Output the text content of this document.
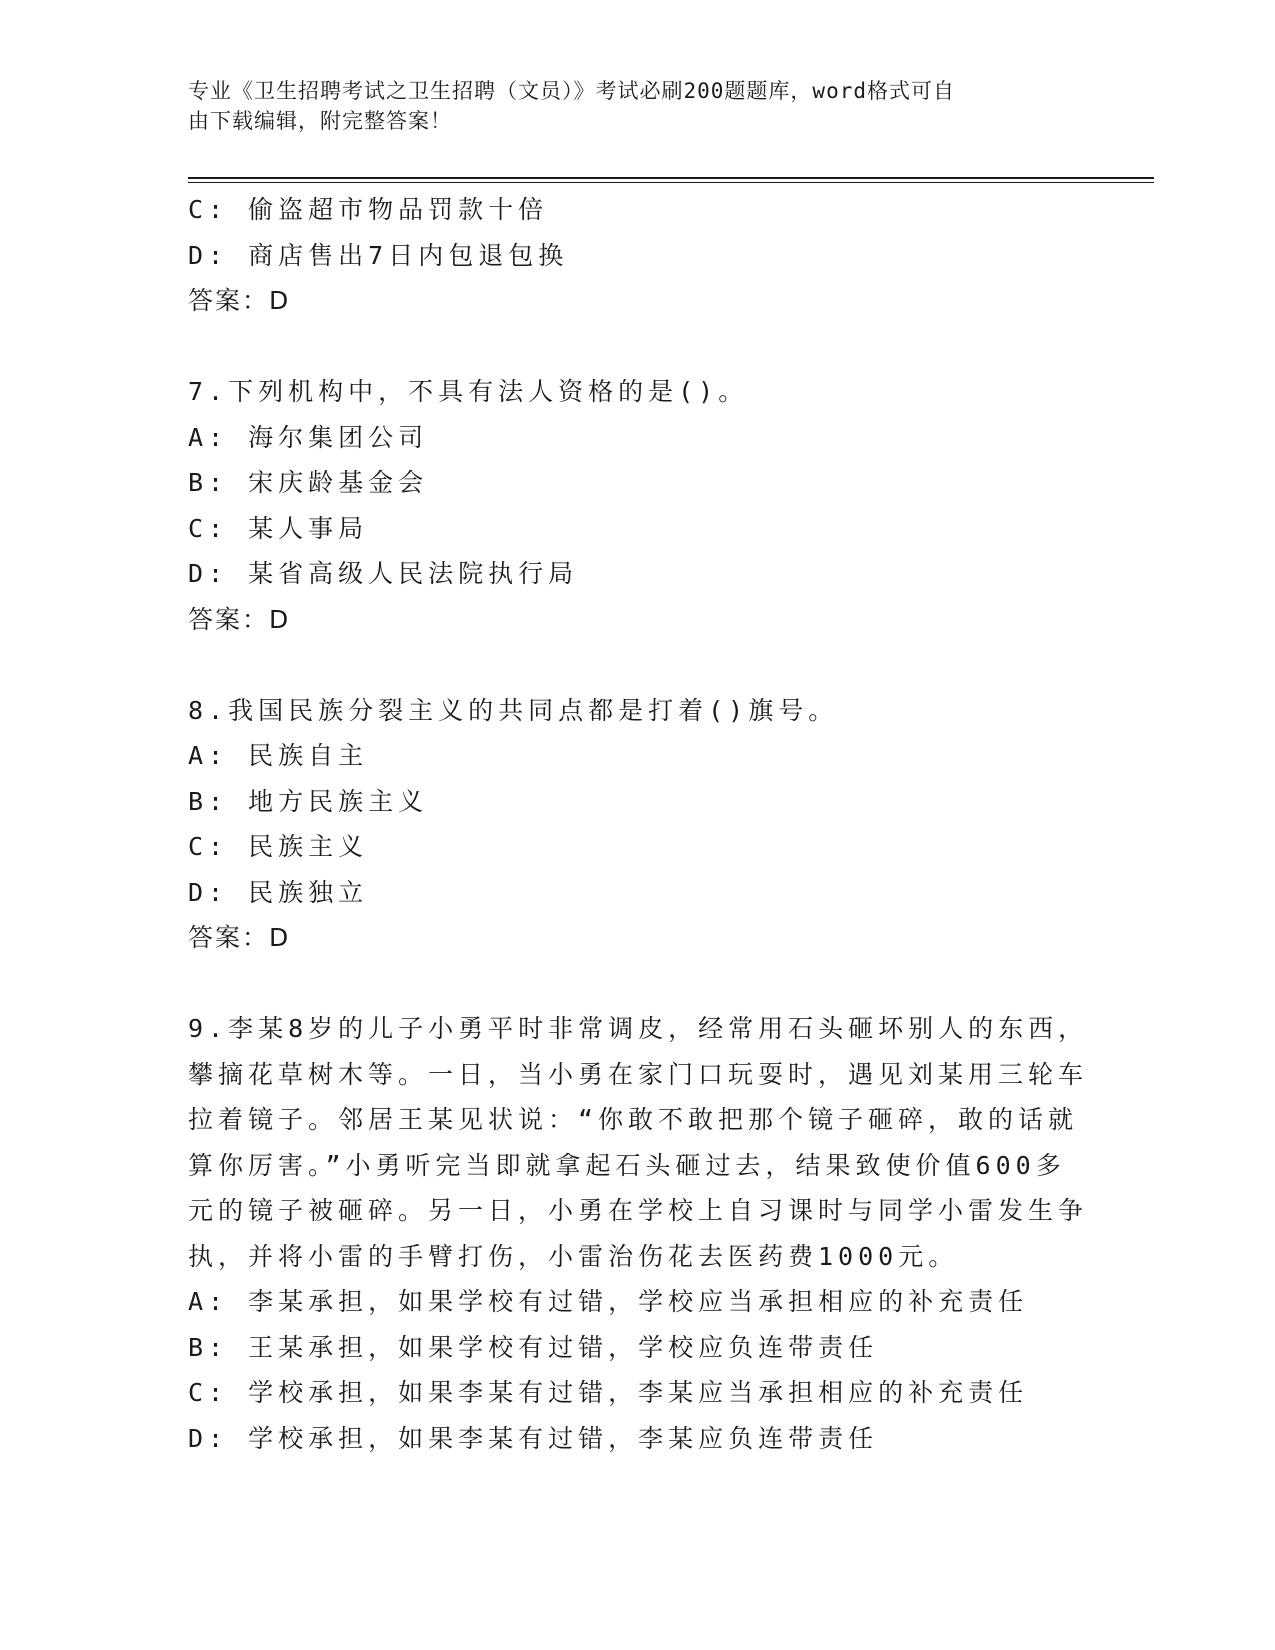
专业《卫生招聘考试之卫生招聘（文员）》考试必刷200题题库，word格式可自
由下载编辑，附完整答案！
C: 偷盗超市物品罚款十倍
D: 商店售出7日内包退包换
答案：D
7.下列机构中，不具有法人资格的是()。
A: 海尔集团公司
B: 宋庆龄基金会
C: 某人事局
D: 某省高级人民法院执行局
答案：D
8.我国民族分裂主义的共同点都是打着()旗号。
A: 民族自主
B: 地方民族主义
C: 民族主义
D: 民族独立
答案：D
9.李某8岁的儿子小勇平时非常调皮，经常用石头砸坏别人的东西，
攀摘花草树木等。一日，当小勇在家门口玩耍时，遇见刘某用三轮车
拉着镜子。邻居王某见状说：“你敢不敢把那个镜子砸碎，敢的话就
算你厉害。”小勇听完当即就拿起石头砸过去，结果致使价值600多
元的镜子被砸碎。另一日，小勇在学校上自习课时与同学小雷发生争
执，并将小雷的手臂打伤，小雷治伤花去医药费1000元。
A: 李某承担，如果学校有过错，学校应当承担相应的补充责任
B: 王某承担，如果学校有过错，学校应负连带责任
C: 学校承担，如果李某有过错，李某应当承担相应的补充责任
D: 学校承担，如果李某有过错，李某应负连带责任
